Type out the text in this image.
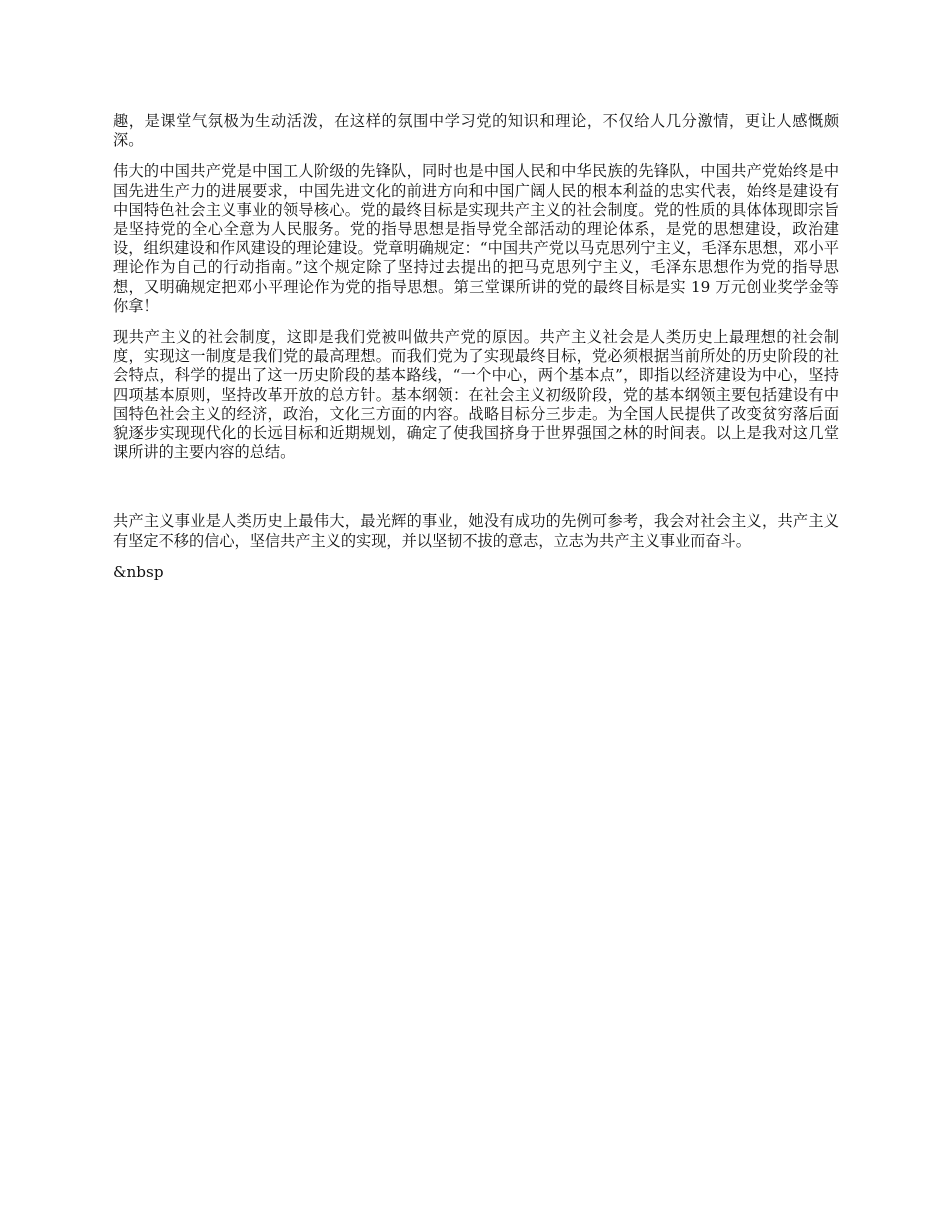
趣，是课堂气氛极为生动活泼，在这样的氛围中学习党的知识和理论，不仅给人几分激情，更让人感慨颇深。

伟大的中国共产党是中国工人阶级的先锋队，同时也是中国人民和中华民族的先锋队，中国共产党始终是中国先进生产力的进展要求，中国先进文化的前进方向和中国广阔人民的根本利益的忠实代表，始终是建设有中国特色社会主义事业的领导核心。党的最终目标是实现共产主义的社会制度。党的性质的具体体现即宗旨是坚持党的全心全意为人民服务。党的指导思想是指导党全部活动的理论体系，是党的思想建设，政治建设，组织建设和作风建设的理论建设。党章明确规定：“中国共产党以马克思列宁主义，毛泽东思想，邓小平理论作为自己的行动指南。”这个规定除了坚持过去提出的把马克思列宁主义，毛泽东思想作为党的指导思想，又明确规定把邓小平理论作为党的指导思想。第三堂课所讲的党的最终目标是实 19 万元创业奖学金等你拿！

现共产主义的社会制度，这即是我们党被叫做共产党的原因。共产主义社会是人类历史上最理想的社会制度，实现这一制度是我们党的最高理想。而我们党为了实现最终目标，党必须根据当前所处的历史阶段的社会特点，科学的提出了这一历史阶段的基本路线，“一个中心，两个基本点”，即指以经济建设为中心，坚持四项基本原则，坚持改革开放的总方针。基本纲领：在社会主义初级阶段，党的基本纲领主要包括建设有中国特色社会主义的经济，政治，文化三方面的内容。战略目标分三步走。为全国人民提供了改变贫穷落后面貌逐步实现现代化的长远目标和近期规划，确定了使我国挤身于世界强国之林的时间表。以上是我对这几堂课所讲的主要内容的总结。

共产主义事业是人类历史上最伟大，最光辉的事业，她没有成功的先例可参考，我会对社会主义，共产主义有坚定不移的信心，坚信共产主义的实现，并以坚韧不拔的意志，立志为共产主义事业而奋斗。

&nbsp
